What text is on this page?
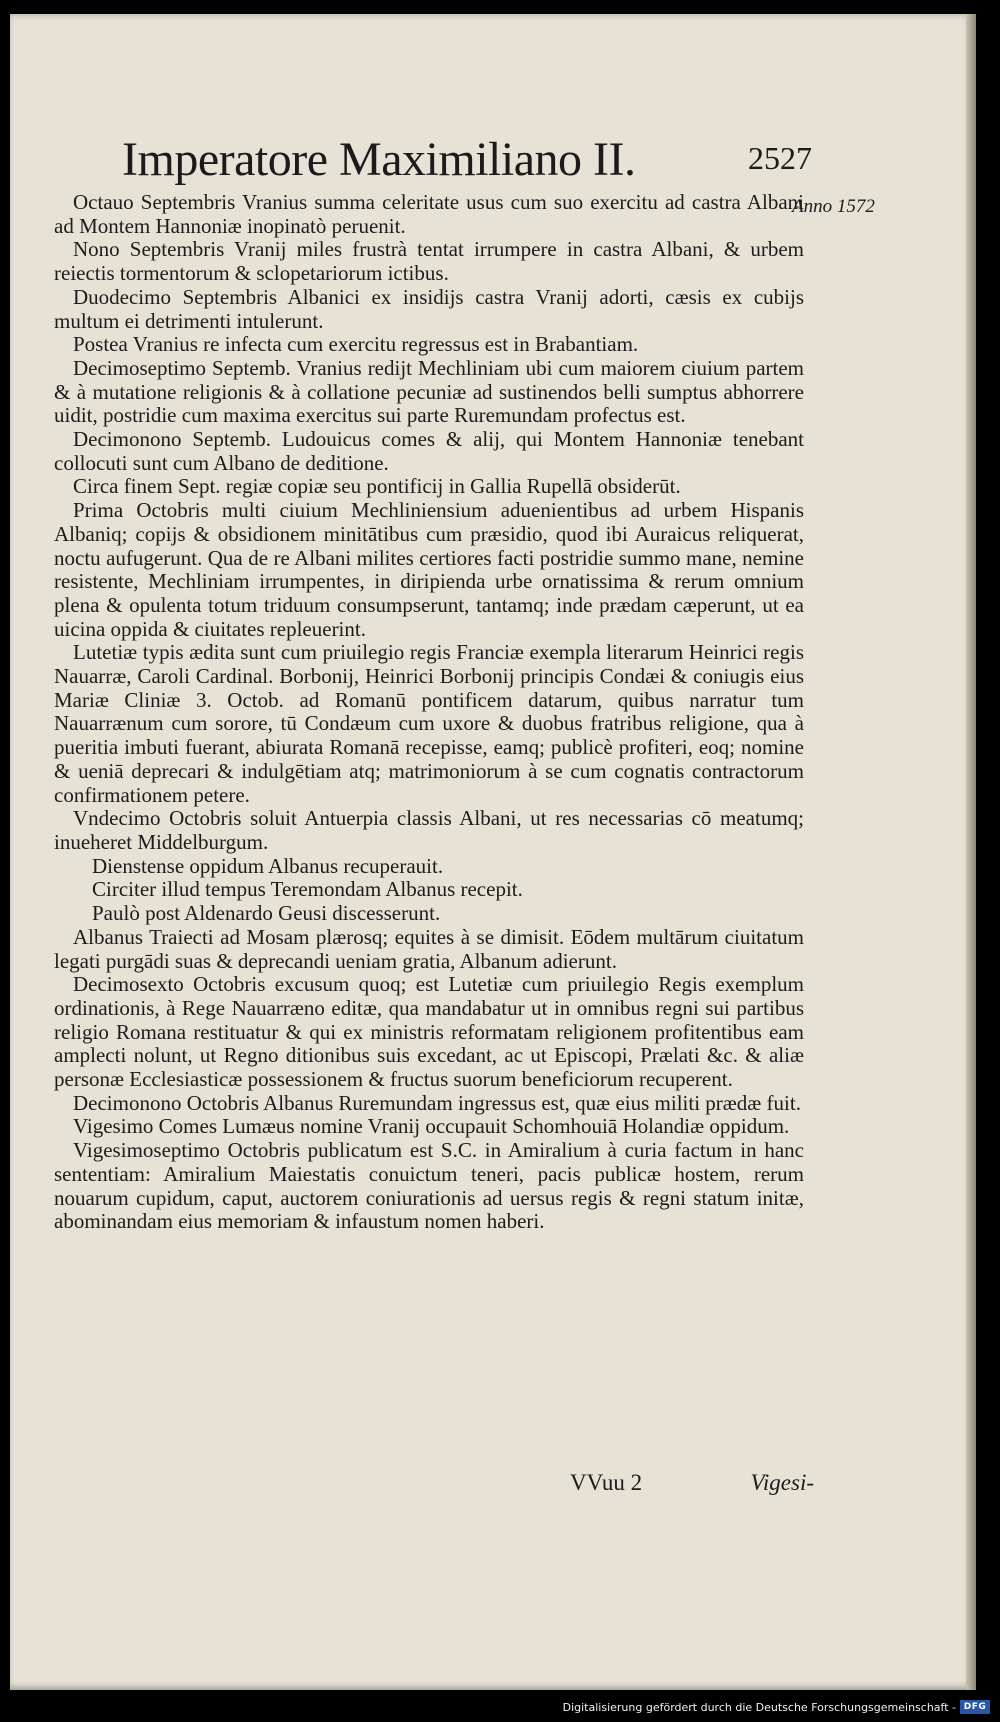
Imperatore Maximiliano II.	2527
Anno 1572

Octauo Septembris Vranius summa celeritate usus cum suo exercitu ad castra Albani ad Montem Hannoniæ inopinatò peruenit.

Nono Septembris Vranij miles frustrà tentat irrumpere in castra Albani, & urbem reiectis tormentorum & sclopetariorum ictibus.

Duodecimo Septembris Albanici ex insidijs castra Vranij adorti, cæsis ex cubijs multum ei detrimenti intulerunt.

Postea Vranius re infecta cum exercitu regressus est in Brabantiam.

Decimoseptimo Septemb. Vranius redijt Mechliniam ubi cum maiorem ciuium partem & à mutatione religionis & à collatione pecuniæ ad sustinendos belli sumptus abhorrere uidit, postridie cum maxima exercitus sui parte Ruremundam profectus est.

Decimonono Septemb. Ludouicus comes & alij, qui Montem Hannoniæ tenebant collocuti sunt cum Albano de deditione.

Circa finem Sept. regiæ copiæ seu pontificij in Gallia Rupellā obsiderūt.

Prima Octobris multi ciuium Mechliniensium aduenientibus ad urbem Hispanis Albaniq; copijs & obsidionem minitātibus cum præsidio, quod ibi Auraicus reliquerat, noctu aufugerunt. Qua de re Albani milites certiores facti postridie summo mane, nemine resistente, Mechliniam irrumpentes, in diripienda urbe ornatissima & rerum omnium plena & opulenta totum triduum consumpserunt, tantamq; inde prædam cæperunt, ut ea uicina oppida & ciuitates repleuerint.

Lutetiæ typis ædita sunt cum priuilegio regis Franciæ exempla literarum Heinrici regis Nauarræ, Caroli Cardinal. Borbonij, Heinrici Borbonij principis Condæi & coniugis eius Mariæ Cliniæ 3. Octob. ad Romanū pontificem datarum, quibus narratur tum Nauarrænum cum sorore, tū Condæum cum uxore & duobus fratribus religione, qua à pueritia imbuti fuerant, abiurata Romanā recepisse, eamq; publicè profiteri, eoq; nomine & ueniā deprecari & indulgētiam atq; matrimoniorum à se cum cognatis contractorum confirmationem petere.

Vndecimo Octobris soluit Antuerpia classis Albani, ut res necessarias cō meatumq; inueheret Middelburgum.

Dienstense oppidum Albanus recuperauit.

Circiter illud tempus Teremondam Albanus recepit.

Paulò post Aldenardo Geusi discesserunt.

Albanus Traiecti ad Mosam plærosq; equites à se dimisit. Eōdem multārum ciuitatum legati purgādi suas & deprecandi ueniam gratia, Albanum adierunt.

Decimosexto Octobris excusum quoq; est Lutetiæ cum priuilegio Regis exemplum ordinationis, à Rege Nauarræno editæ, qua mandabatur ut in omnibus regni sui partibus religio Romana restituatur & qui ex ministris reformatam religionem profitentibus eam amplecti nolunt, ut Regno ditionibus suis excedant, ac ut Episcopi, Prælati &c. & aliæ personæ Ecclesiasticæ possessionem & fructus suorum beneficiorum recuperent.

Decimonono Octobris Albanus Ruremundam ingressus est, quæ eius militi prædæ fuit.

Vigesimo Comes Lumæus nomine Vranij occupauit Schomhouiā Holandiæ oppidum.

Vigesimoseptimo Octobris publicatum est S.C. in Amiralium à curia factum in hanc sententiam: Amiralium Maiestatis conuictum teneri, pacis publicæ hostem, rerum nouarum cupidum, caput, auctorem coniurationis ad uersus regis & regni statum initæ, abominandam eius memoriam & infaustum nomen haberi.

VVuu 2	Vigesi-
Digitalisierung gefördert durch die Deutsche Forschungsgemeinschaft - DFG
